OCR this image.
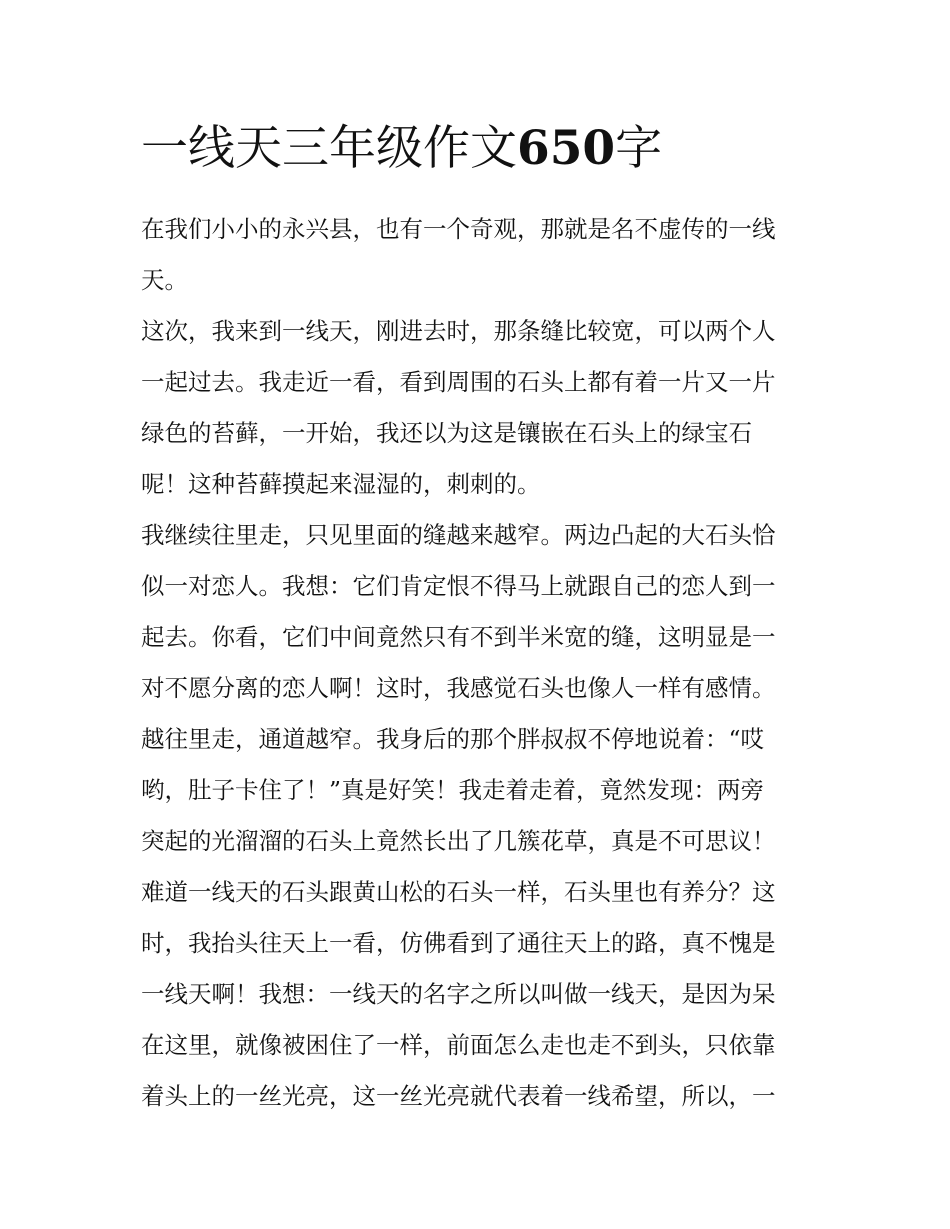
一线天三年级作文650字
在我们小小的永兴县，也有一个奇观，那就是名不虚传的一线
天。
这次，我来到一线天，刚进去时，那条缝比较宽，可以两个人
一起过去。我走近一看，看到周围的石头上都有着一片又一片
绿色的苔藓，一开始，我还以为这是镶嵌在石头上的绿宝石
呢！这种苔藓摸起来湿湿的，刺刺的。
我继续往里走，只见里面的缝越来越窄。两边凸起的大石头恰
似一对恋人。我想：它们肯定恨不得马上就跟自己的恋人到一
起去。你看，它们中间竟然只有不到半米宽的缝，这明显是一
对不愿分离的恋人啊！这时，我感觉石头也像人一样有感情。
越往里走，通道越窄。我身后的那个胖叔叔不停地说着：“哎
哟，肚子卡住了！”真是好笑！我走着走着，竟然发现：两旁
突起的光溜溜的石头上竟然长出了几簇花草，真是不可思议！
难道一线天的石头跟黄山松的石头一样，石头里也有养分？这
时，我抬头往天上一看，仿佛看到了通往天上的路，真不愧是
一线天啊！我想：一线天的名字之所以叫做一线天，是因为呆
在这里，就像被困住了一样，前面怎么走也走不到头，只依靠
着头上的一丝光亮，这一丝光亮就代表着一线希望，所以，一
